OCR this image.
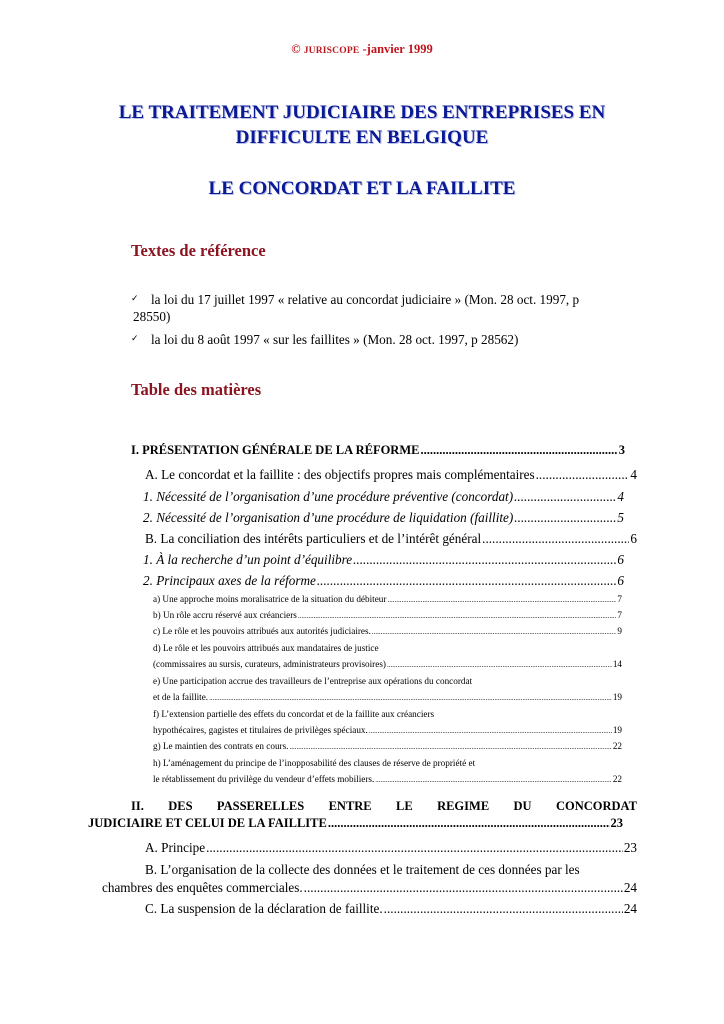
© JURISCOPE -janvier 1999
LE TRAITEMENT JUDICIAIRE DES ENTREPRISES EN
DIFFICULTE EN BELGIQUE
LE CONCORDAT ET LA FAILLITE
Textes de référence
✓ la loi du 17 juillet 1997 « relative au concordat judiciaire » (Mon. 28 oct. 1997, p
28550)
✓ la loi du 8 août 1997 « sur les faillites » (Mon. 28 oct. 1997, p 28562)
Table des matières
I. PRÉSENTATION GÉNÉRALE DE LA RÉFORME .....	3
A. Le concordat et la faillite : des objectifs propres mais complémentaires .....	4
1. Nécessité de l’organisation d’une procédure préventive (concordat) .....	4
2. Nécessité de l’organisation d’une procédure de liquidation (faillite) .....	5
B. La conciliation des intérêts particuliers et de l’intérêt général .....	6
1. À la recherche d’un point d’équilibre .....	6
2. Principaux axes de la réforme .....	6
a) Une approche moins moralisatrice de la situation du débiteur .....	7
b) Un rôle accru réservé aux créanciers .....	7
c) Le rôle et les pouvoirs attribués aux autorités judiciaires. .....	9
d) Le rôle et les pouvoirs attribués aux mandataires de justice
(commissaires au sursis, curateurs, administrateurs provisoires) .....	14
e) Une participation accrue des travailleurs de l’entreprise aux opérations du concordat
et de la faillite. .....	19
f) L’extension partielle des effets du concordat et de la faillite aux créanciers
hypothécaires, gagistes et titulaires de privilèges spéciaux. .....	19
g) Le maintien des contrats en cours. .....	22
h) L’aménagement du principe de l’inopposabilité des clauses de réserve de propriété et
le rétablissement du privilège du vendeur d’effets mobiliers. .....	22
II. DES PASSERELLES ENTRE LE REGIME DU CONCORDAT
JUDICIAIRE ET CELUI DE LA FAILLITE .....	23
A. Principe .....	23
B. L’organisation de la collecte des données et le traitement de ces données par les
chambres des enquêtes commerciales. .....	24
C. La suspension de la déclaration de faillite. .....	24
